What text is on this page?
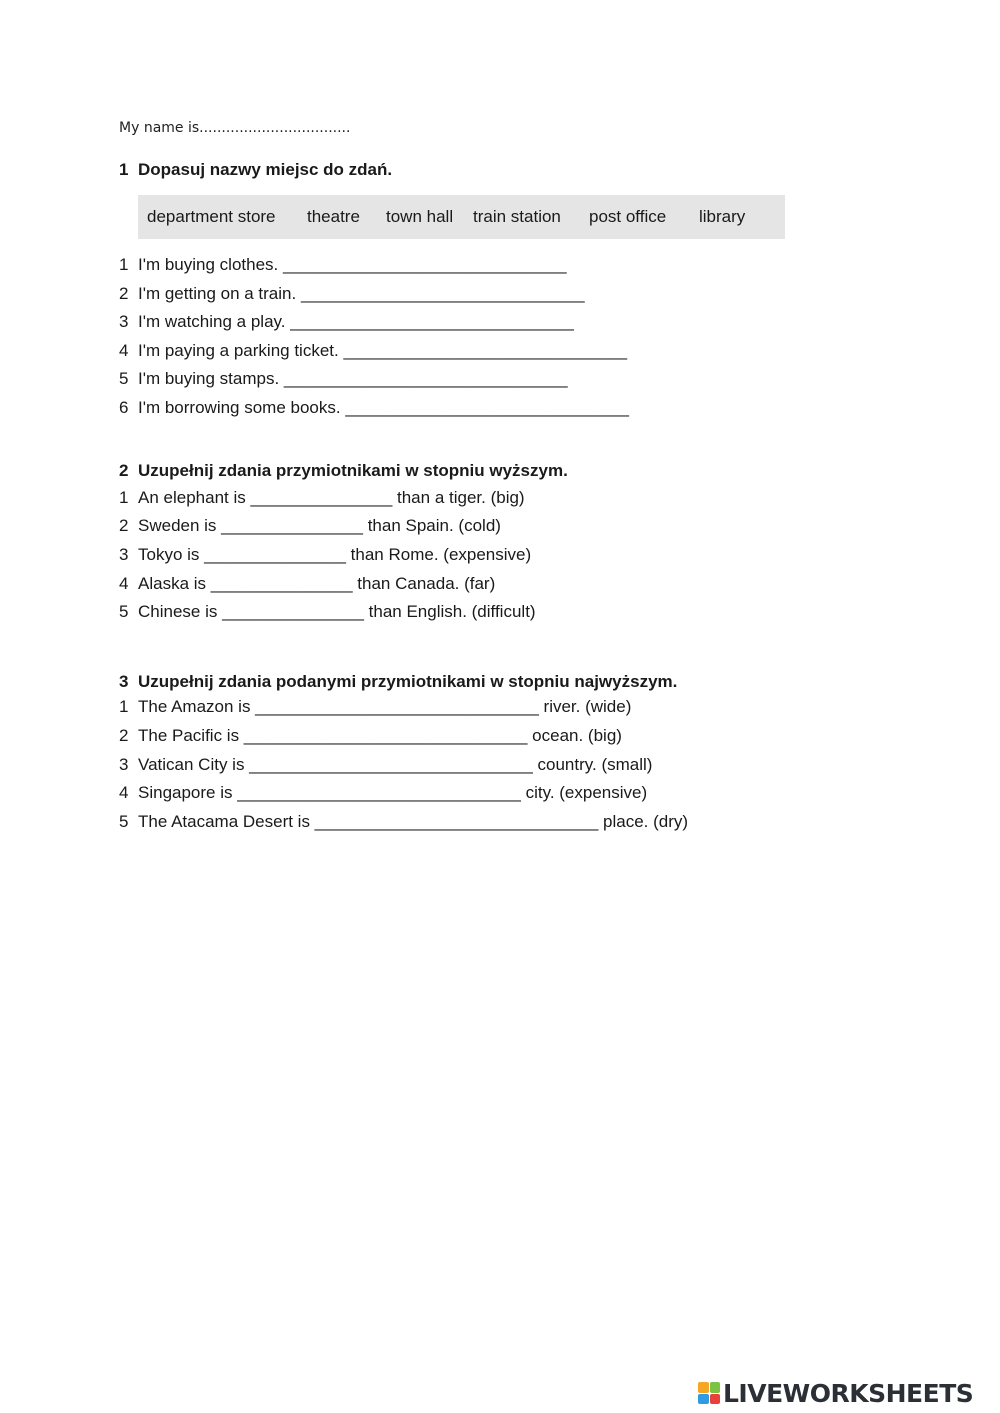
My name is..................................
1 Dopasuj nazwy miejsc do zdań.
department store theatre town hall train station post office library
1 I'm buying clothes. ______________________________
2 I'm getting on a train. ______________________________
3 I'm watching a play. ______________________________
4 I'm paying a parking ticket. ______________________________
5 I'm buying stamps. ______________________________
6 I'm borrowing some books. ______________________________
2 Uzupełnij zdania przymiotnikami w stopniu wyższym.
1 An elephant is _______________ than a tiger. (big)
2 Sweden is _______________ than Spain. (cold)
3 Tokyo is _______________ than Rome. (expensive)
4 Alaska is _______________ than Canada. (far)
5 Chinese is _______________ than English. (difficult)
3 Uzupełnij zdania podanymi przymiotnikami w stopniu najwyższym.
1 The Amazon is ______________________________ river. (wide)
2 The Pacific is ______________________________ ocean. (big)
3 Vatican City is ______________________________ country. (small)
4 Singapore is ______________________________ city. (expensive)
5 The Atacama Desert is ______________________________ place. (dry)
LIVEWORKSHEETS
